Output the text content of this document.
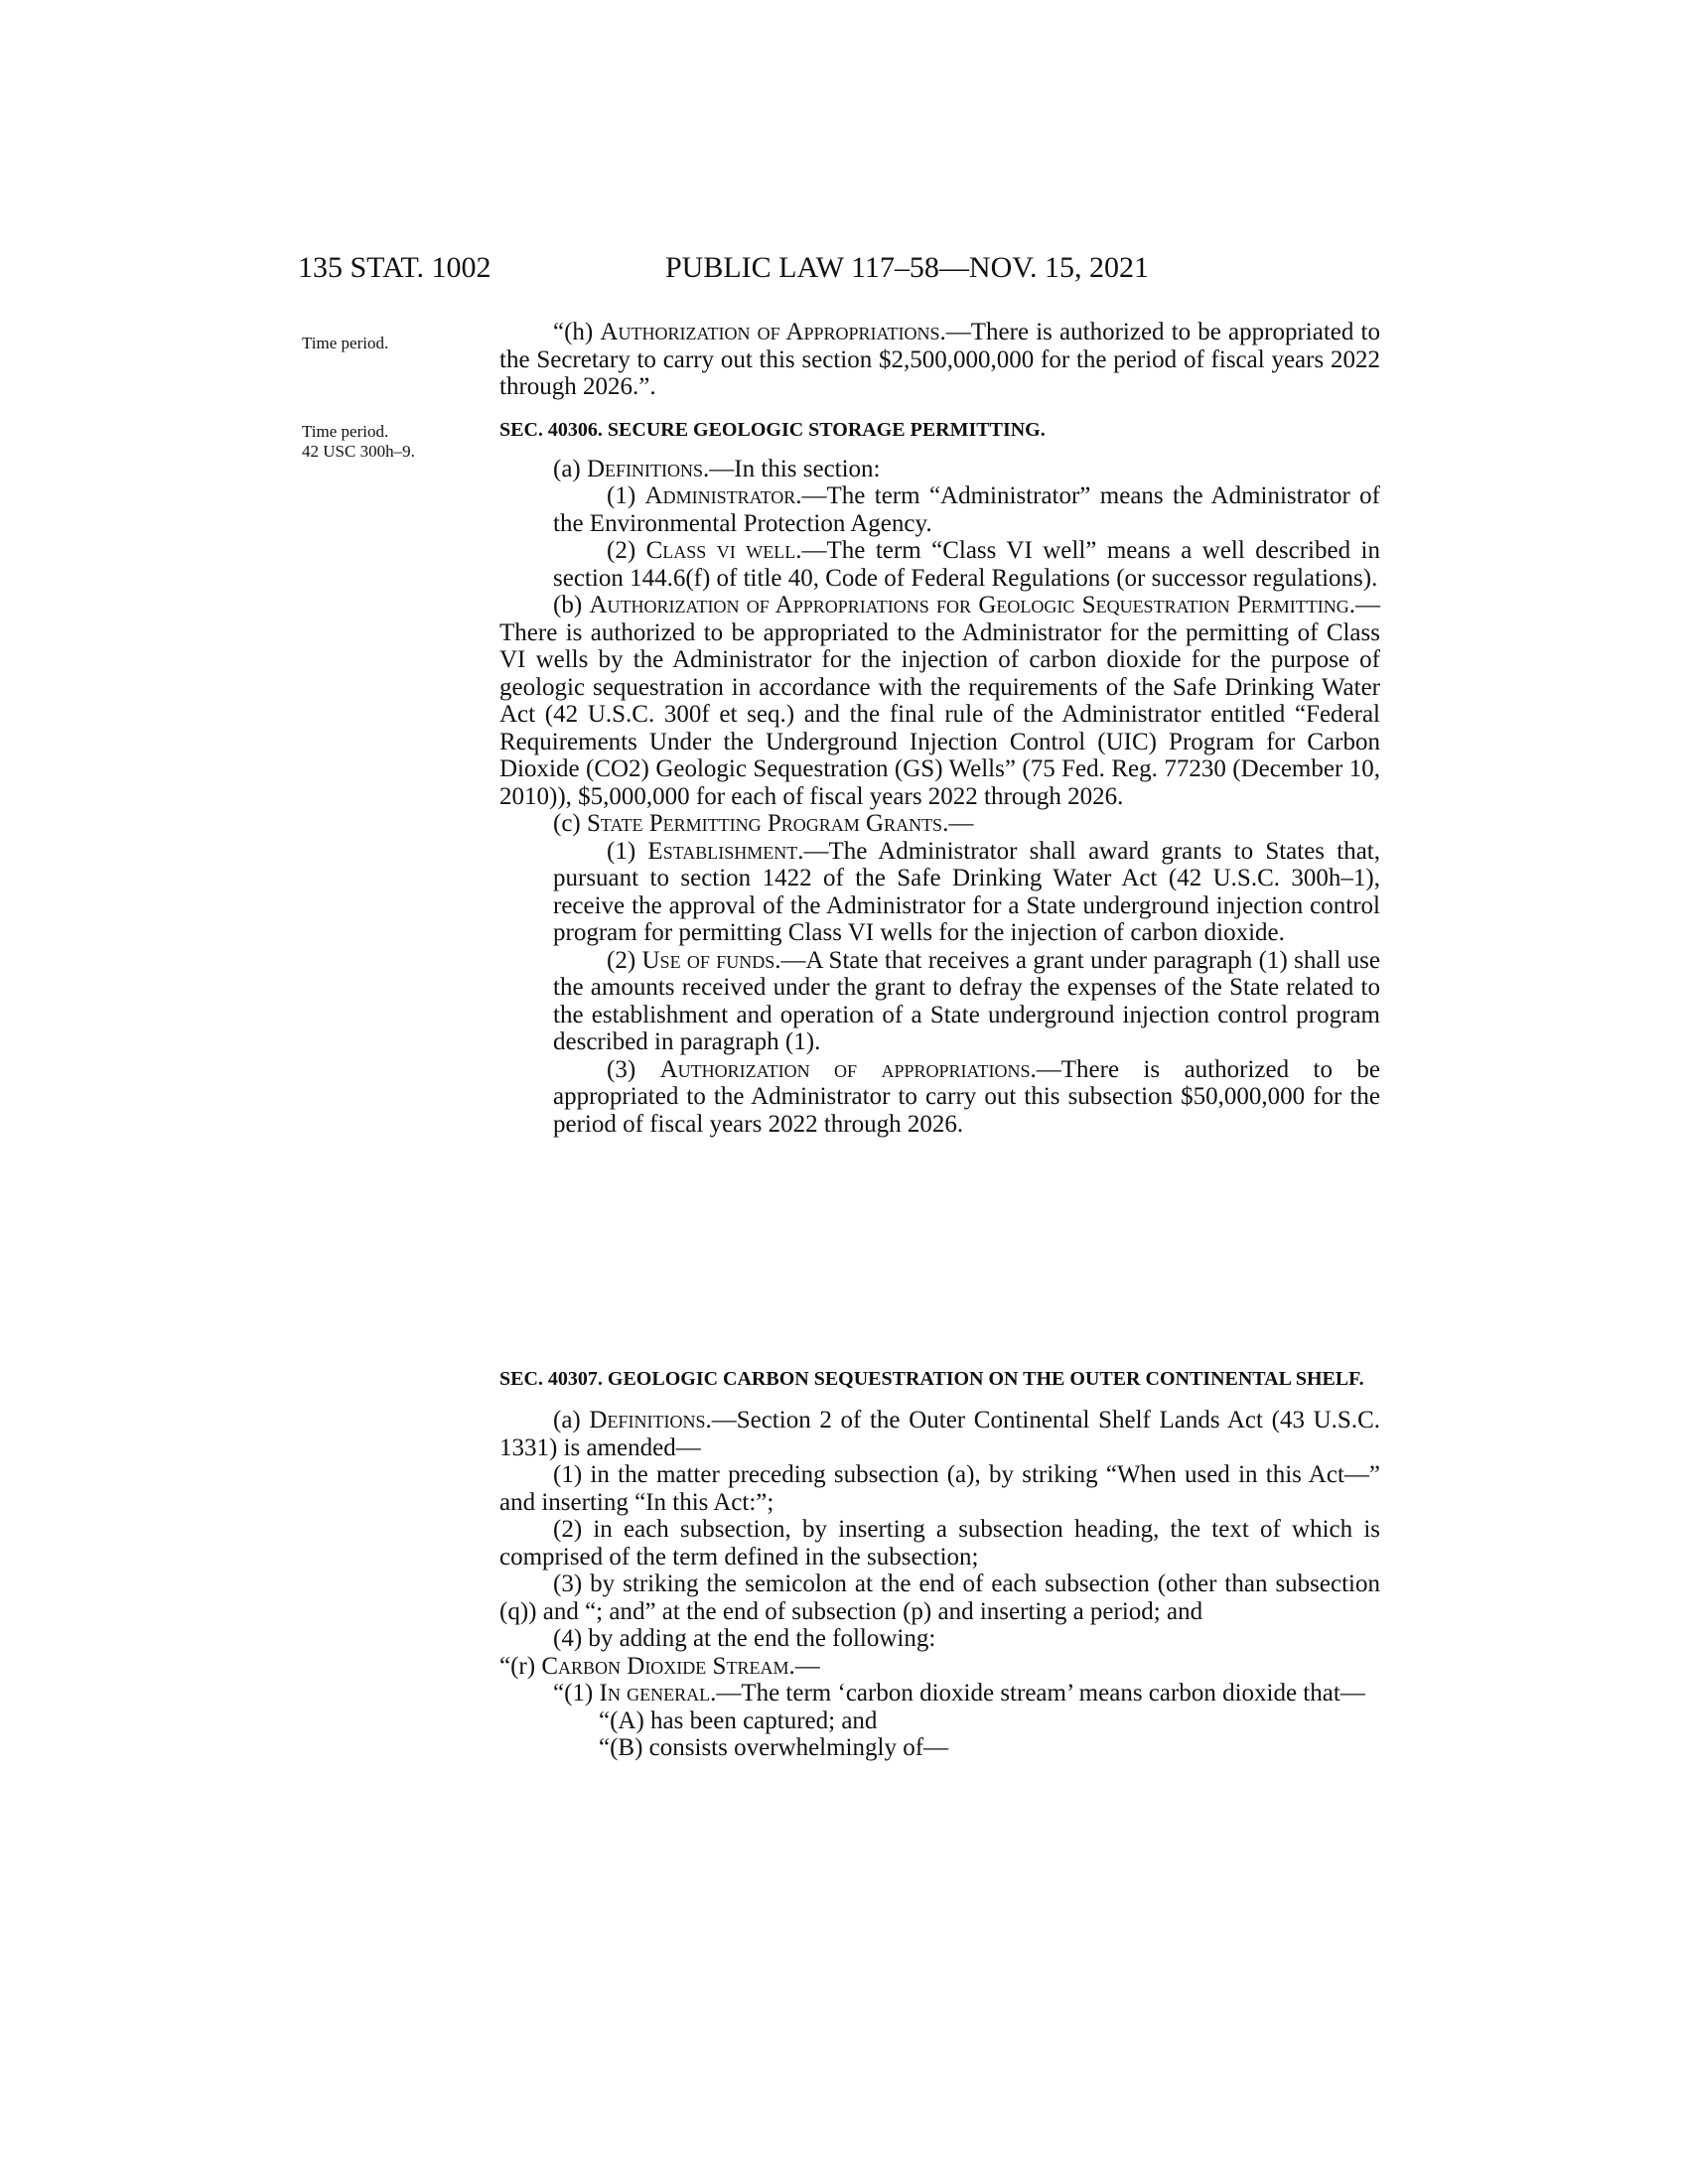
135 STAT. 1002	PUBLIC LAW 117–58—NOV. 15, 2021
Time period.
Time period.
42 USC 300h–9.

“(h) Authorization of Appropriations.—There is authorized to be appropriated to the Secretary to carry out this section $2,500,000,000 for the period of fiscal years 2022 through 2026.”.

SEC. 40306. SECURE GEOLOGIC STORAGE PERMITTING.

(a) Definitions.—In this section:

(1) Administrator.—The term “Administrator” means the Administrator of the Environmental Protection Agency.

(2) Class vi well.—The term “Class VI well” means a well described in section 144.6(f) of title 40, Code of Federal Regulations (or successor regulations).

(b) Authorization of Appropriations for Geologic Sequestration Permitting.—There is authorized to be appropriated to the Administrator for the permitting of Class VI wells by the Administrator for the injection of carbon dioxide for the purpose of geologic sequestration in accordance with the requirements of the Safe Drinking Water Act (42 U.S.C. 300f et seq.) and the final rule of the Administrator entitled “Federal Requirements Under the Underground Injection Control (UIC) Program for Carbon Dioxide (CO2) Geologic Sequestration (GS) Wells” (75 Fed. Reg. 77230 (December 10, 2010)), $5,000,000 for each of fiscal years 2022 through 2026.

(c) State Permitting Program Grants.—

(1) Establishment.—The Administrator shall award grants to States that, pursuant to section 1422 of the Safe Drinking Water Act (42 U.S.C. 300h–1), receive the approval of the Administrator for a State underground injection control program for permitting Class VI wells for the injection of carbon dioxide.

(2) Use of funds.—A State that receives a grant under paragraph (1) shall use the amounts received under the grant to defray the expenses of the State related to the establishment and operation of a State underground injection control program described in paragraph (1).

(3) Authorization of appropriations.—There is authorized to be appropriated to the Administrator to carry out this subsection $50,000,000 for the period of fiscal years 2022 through 2026.

SEC. 40307. GEOLOGIC CARBON SEQUESTRATION ON THE OUTER CONTINENTAL SHELF.

(a) Definitions.—Section 2 of the Outer Continental Shelf Lands Act (43 U.S.C. 1331) is amended—

(1) in the matter preceding subsection (a), by striking “When used in this Act—” and inserting “In this Act:”;

(2) in each subsection, by inserting a subsection heading, the text of which is comprised of the term defined in the subsection;

(3) by striking the semicolon at the end of each subsection (other than subsection (q)) and “; and” at the end of subsection (p) and inserting a period; and

(4) by adding at the end the following:

“(r) Carbon Dioxide Stream.—

“(1) In general.—The term ‘carbon dioxide stream’ means carbon dioxide that—

“(A) has been captured; and

“(B) consists overwhelmingly of—
